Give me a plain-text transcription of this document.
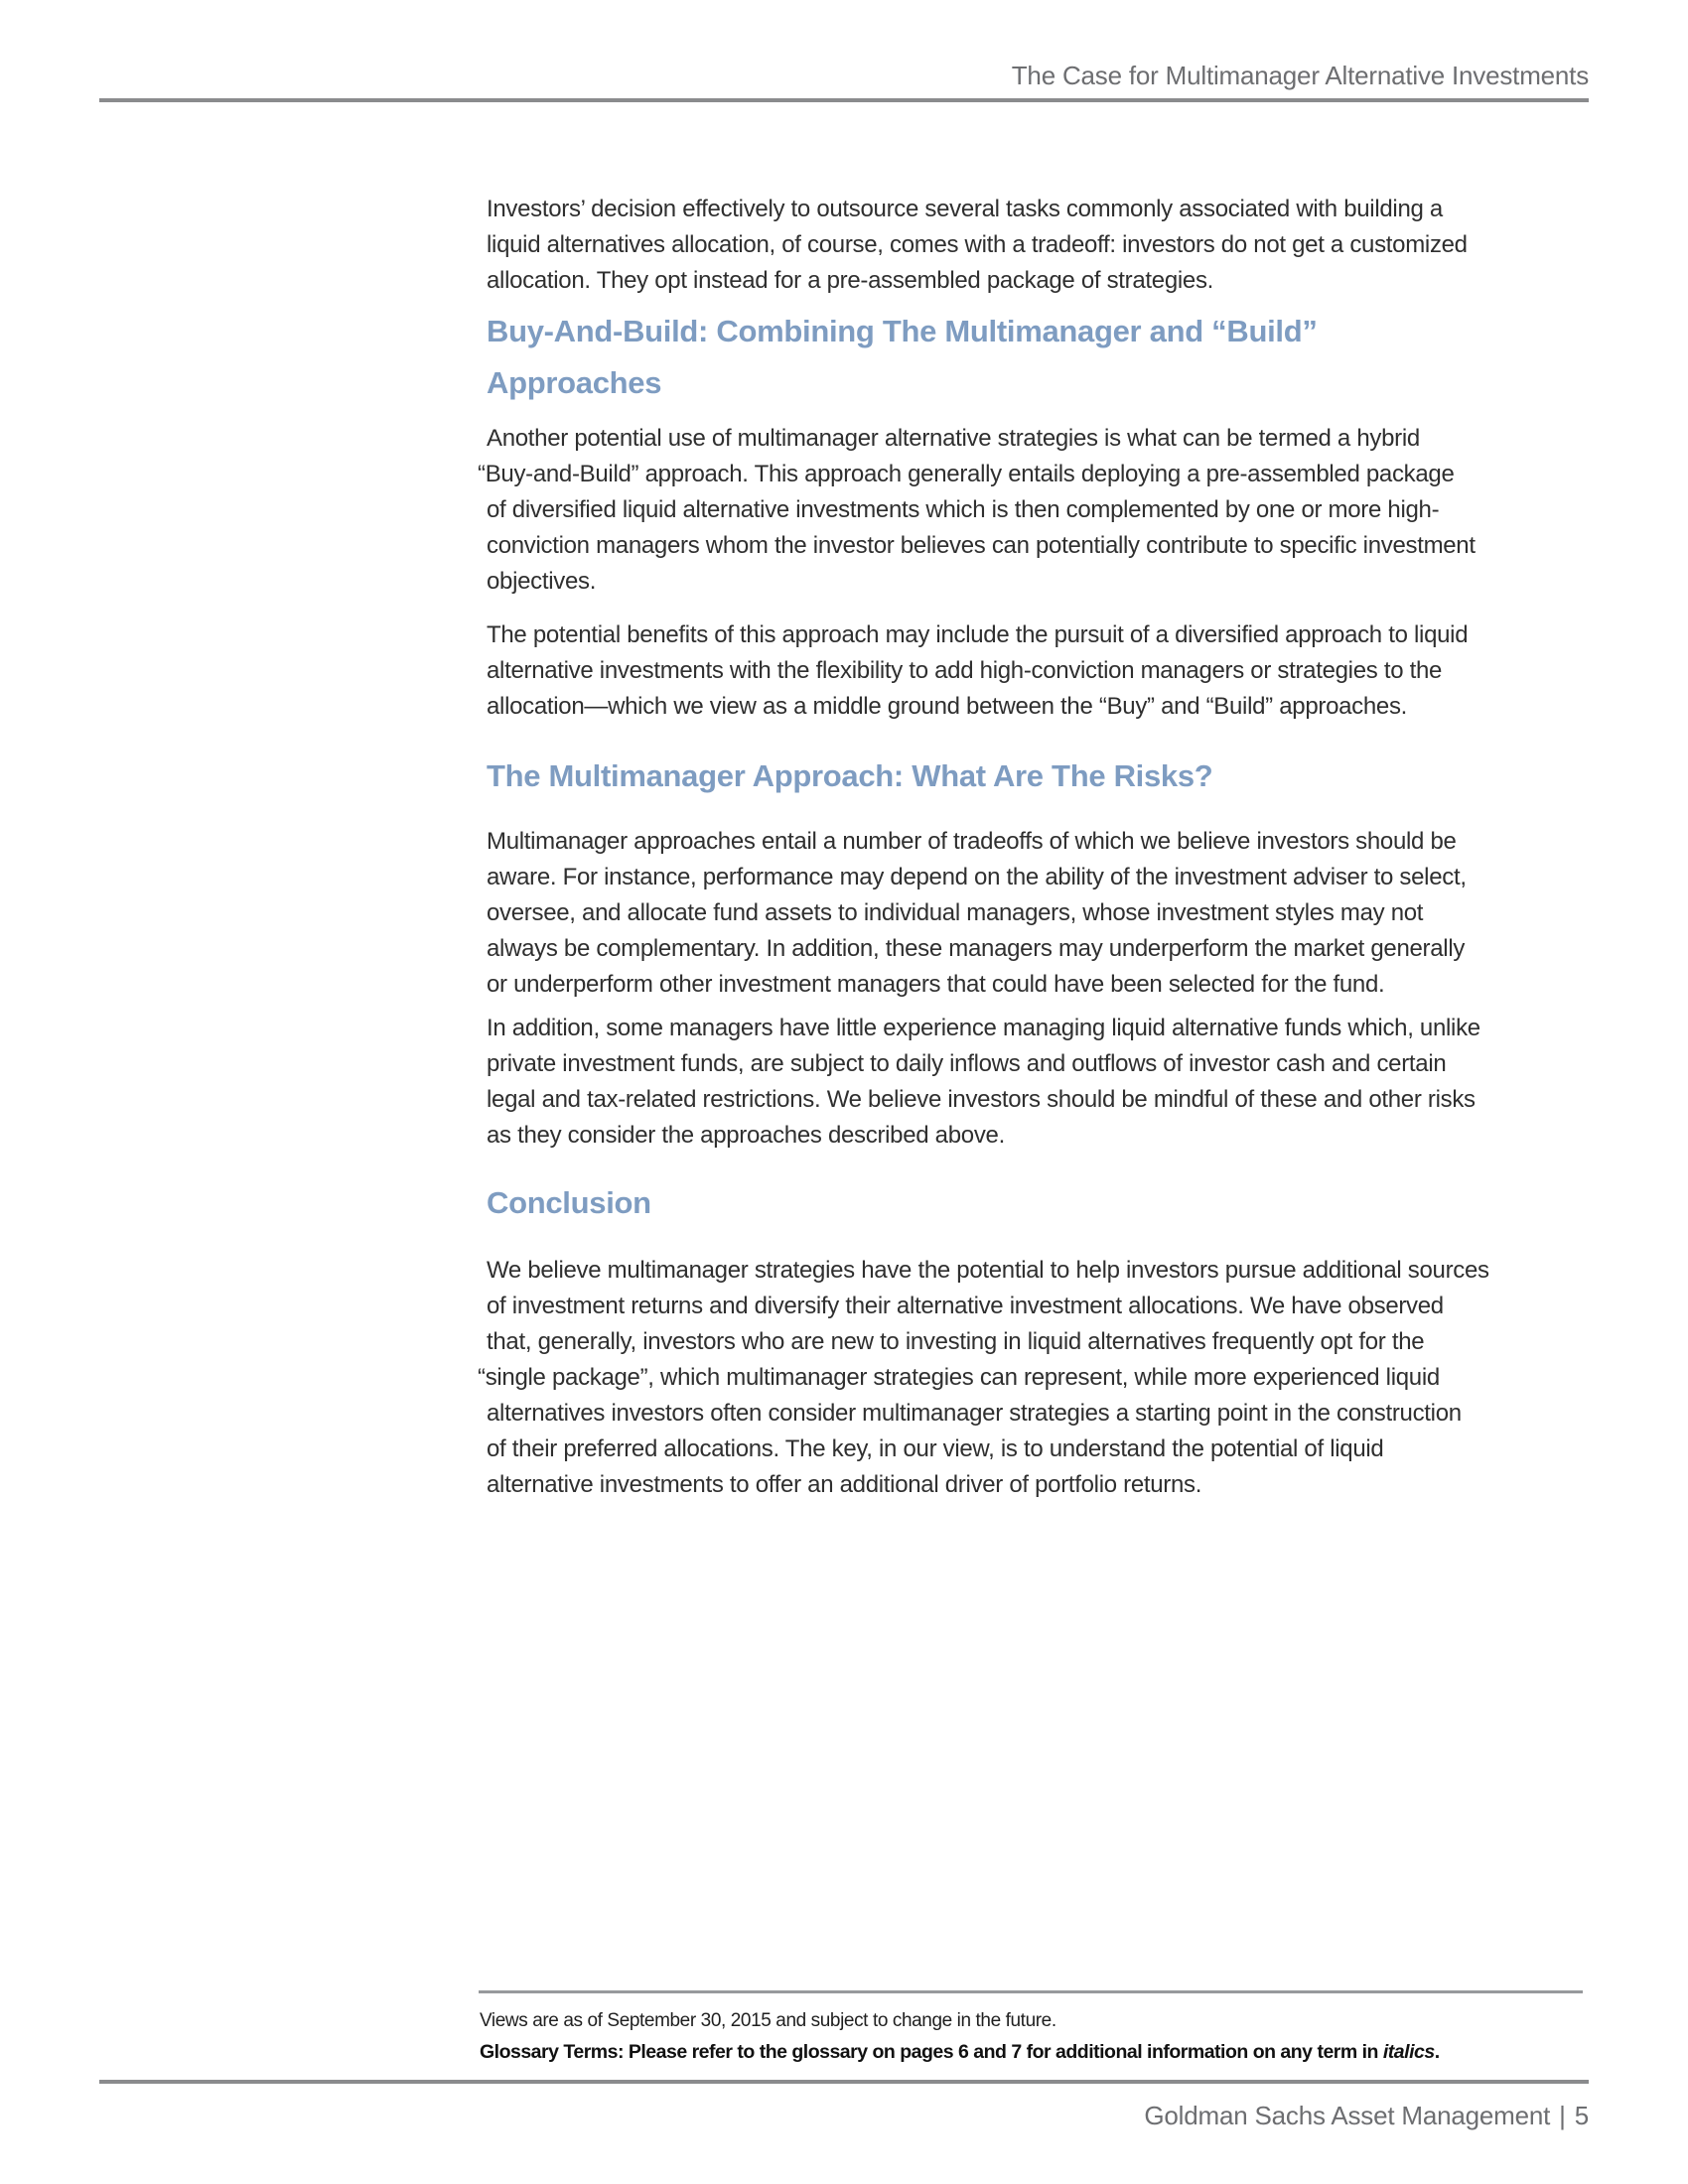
The Case for Multimanager Alternative Investments
Investors’ decision effectively to outsource several tasks commonly associated with building a
liquid alternatives allocation, of course, comes with a tradeoff: investors do not get a customized
allocation. They opt instead for a pre-assembled package of strategies.
Buy-And-Build: Combining The Multimanager and “Build”
Approaches
Another potential use of multimanager alternative strategies is what can be termed a hybrid
“Buy-and-Build” approach. This approach generally entails deploying a pre-assembled package
of diversified liquid alternative investments which is then complemented by one or more high-
conviction managers whom the investor believes can potentially contribute to specific investment
objectives.
The potential benefits of this approach may include the pursuit of a diversified approach to liquid
alternative investments with the flexibility to add high-conviction managers or strategies to the
allocation—which we view as a middle ground between the “Buy” and “Build” approaches.
The Multimanager Approach: What Are The Risks?
Multimanager approaches entail a number of tradeoffs of which we believe investors should be
aware. For instance, performance may depend on the ability of the investment adviser to select,
oversee, and allocate fund assets to individual managers, whose investment styles may not
always be complementary. In addition, these managers may underperform the market generally
or underperform other investment managers that could have been selected for the fund.
In addition, some managers have little experience managing liquid alternative funds which, unlike
private investment funds, are subject to daily inflows and outflows of investor cash and certain
legal and tax-related restrictions. We believe investors should be mindful of these and other risks
as they consider the approaches described above.
Conclusion
We believe multimanager strategies have the potential to help investors pursue additional sources
of investment returns and diversify their alternative investment allocations. We have observed
that, generally, investors who are new to investing in liquid alternatives frequently opt for the
“single package”, which multimanager strategies can represent, while more experienced liquid
alternatives investors often consider multimanager strategies a starting point in the construction
of their preferred allocations. The key, in our view, is to understand the potential of liquid
alternative investments to offer an additional driver of portfolio returns.
Views are as of September 30, 2015 and subject to change in the future.
Glossary Terms: Please refer to the glossary on pages 6 and 7 for additional information on any term in italics.
Goldman Sachs Asset Management | 5
